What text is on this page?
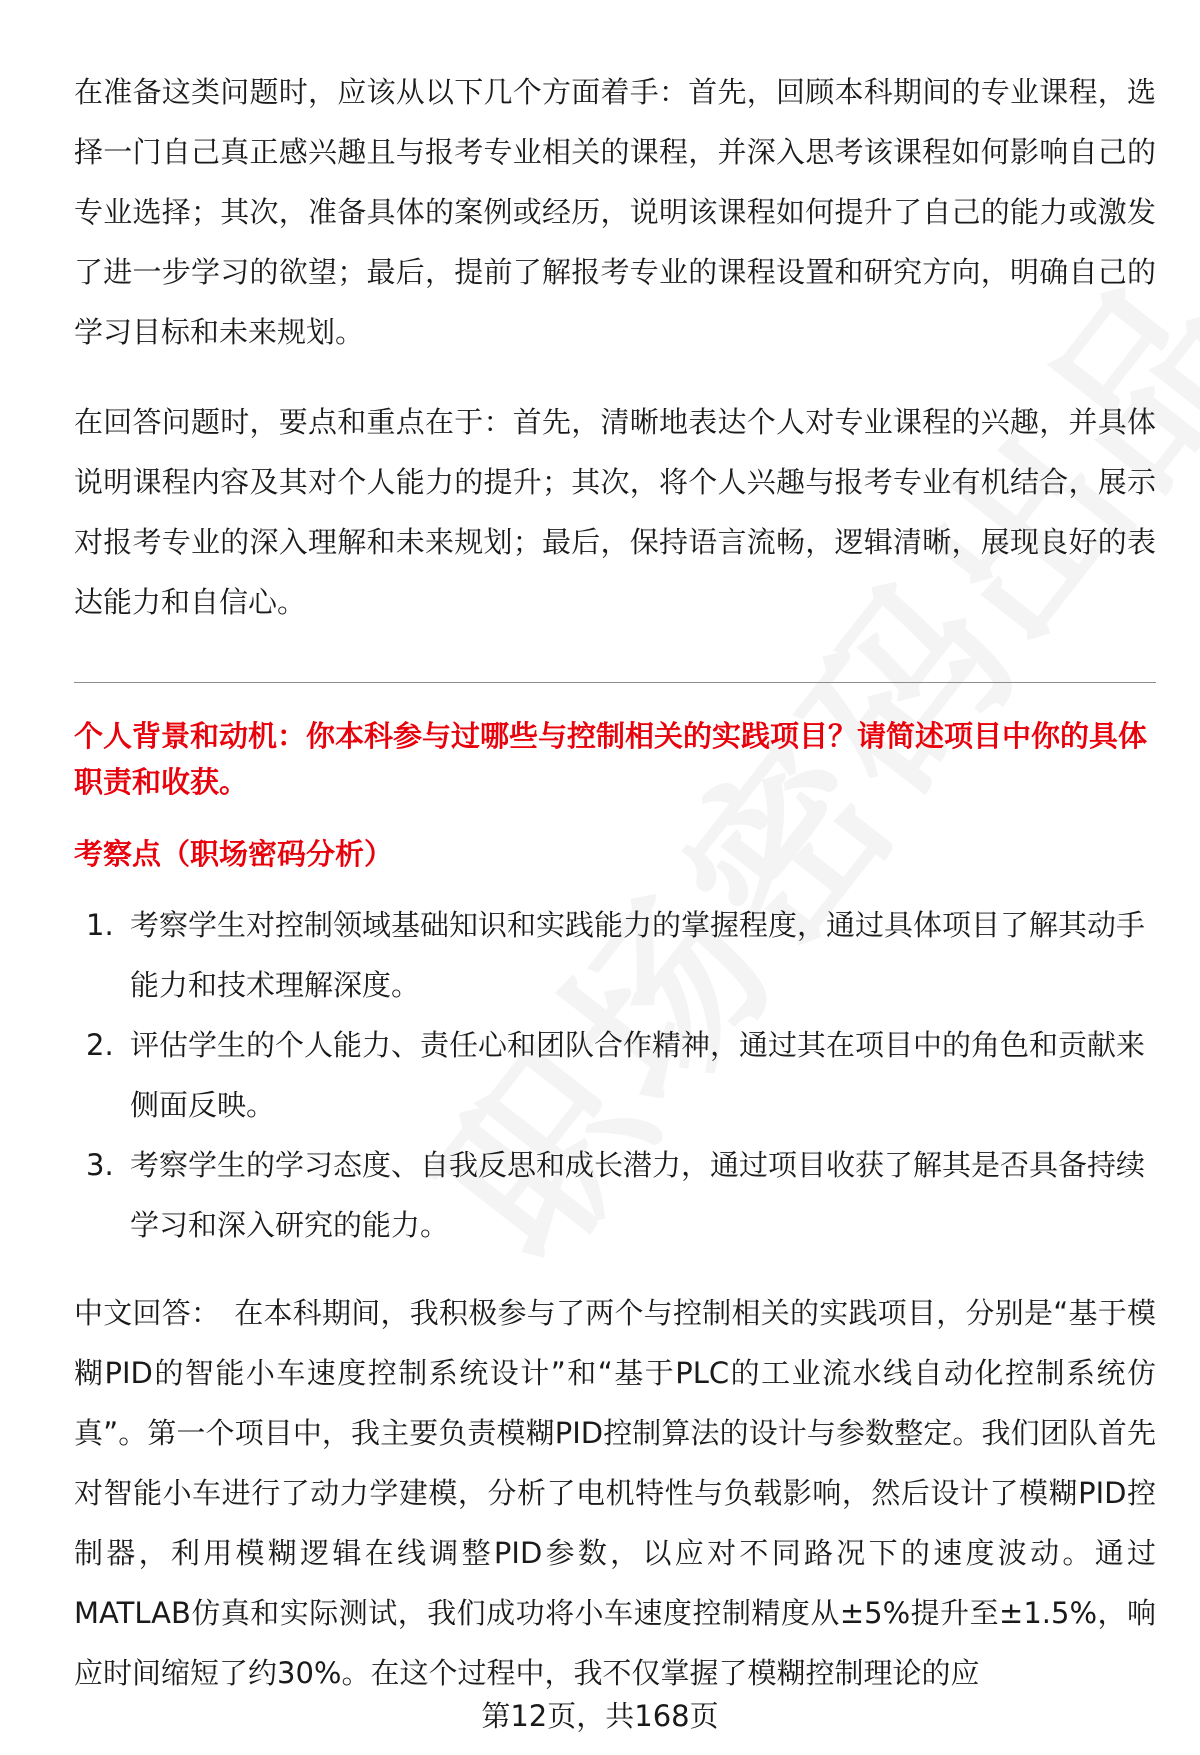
在准备这类问题时，应该从以下几个方面着手：首先，回顾本科期间的专业课程，选择一门自己真正感兴趣且与报考专业相关的课程，并深入思考该课程如何影响自己的专业选择；其次，准备具体的案例或经历，说明该课程如何提升了自己的能力或激发了进一步学习的欲望；最后，提前了解报考专业的课程设置和研究方向，明确自己的学习目标和未来规划。

在回答问题时，要点和重点在于：首先，清晰地表达个人对专业课程的兴趣，并具体说明课程内容及其对个人能力的提升；其次，将个人兴趣与报考专业有机结合，展示对报考专业的深入理解和未来规划；最后，保持语言流畅，逻辑清晰，展现良好的表达能力和自信心。

个人背景和动机：你本科参与过哪些与控制相关的实践项目？请简述项目中你的具体职责和收获。

考察点（职场密码分析）

1. 考察学生对控制领域基础知识和实践能力的掌握程度，通过具体项目了解其动手能力和技术理解深度。
2. 评估学生的个人能力、责任心和团队合作精神，通过其在项目中的角色和贡献来侧面反映。
3. 考察学生的学习态度、自我反思和成长潜力，通过项目收获了解其是否具备持续学习和深入研究的能力。

中文回答： 在本科期间，我积极参与了两个与控制相关的实践项目，分别是“基于模糊PID的智能小车速度控制系统设计”和“基于PLC的工业流水线自动化控制系统仿真”。第一个项目中，我主要负责模糊PID控制算法的设计与参数整定。我们团队首先对智能小车进行了动力学建模，分析了电机特性与负载影响，然后设计了模糊PID控制器，利用模糊逻辑在线调整PID参数，以应对不同路况下的速度波动。通过MATLAB仿真和实际测试，我们成功将小车速度控制精度从±5%提升至±1.5%，响应时间缩短了约30%。在这个过程中，我不仅掌握了模糊控制理论的应

第12页，共168页
